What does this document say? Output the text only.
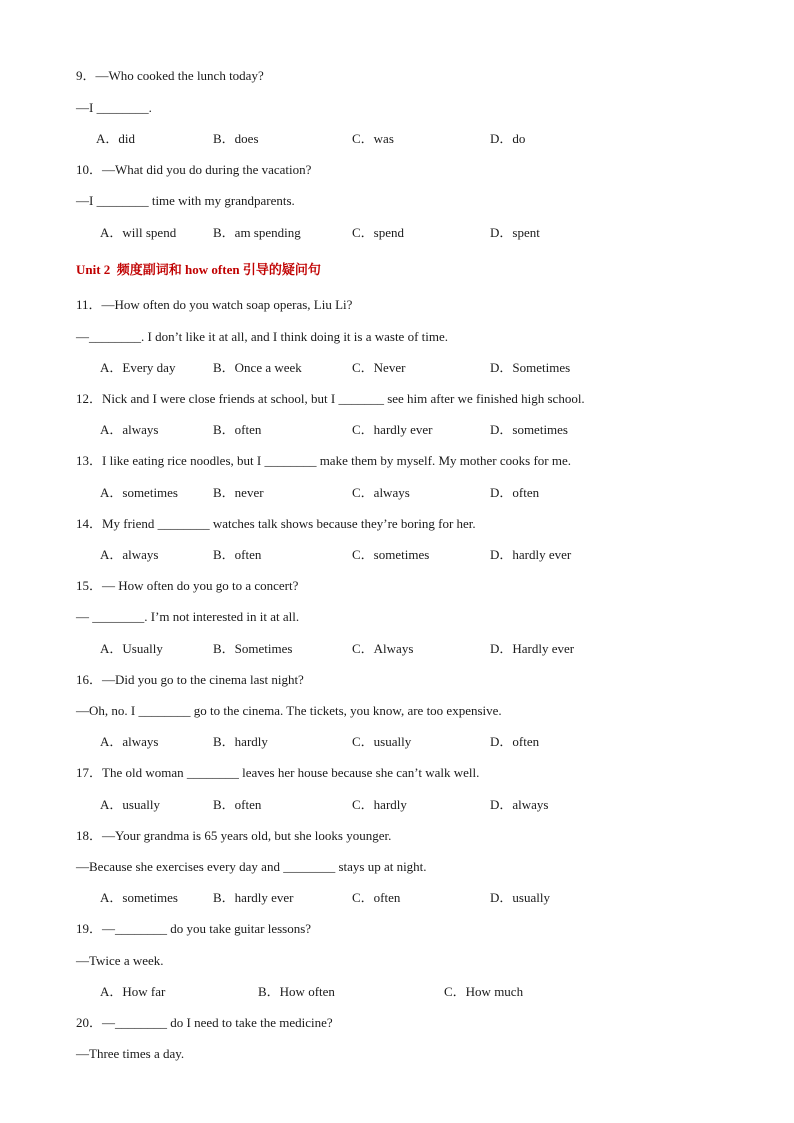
9．—Who cooked the lunch today?
—I ________.
A．did	B．does	C．was	D．do
10．—What did you do during the vacation?
—I ________ time with my grandparents.
A．will spend	B．am spending	C．spend	D．spent
Unit 2  频度副词和 how often 引导的疑问句
11．—How often do you watch soap operas, Liu Li?
—________. I don’t like it at all, and I think doing it is a waste of time.
A．Every day	B．Once a week	C．Never	D．Sometimes
12．Nick and I were close friends at school, but I _______ see him after we finished high school.
A．always	B．often	C．hardly ever	D．sometimes
13．I like eating rice noodles, but I ________ make them by myself. My mother cooks for me.
A．sometimes	B．never	C．always	D．often
14．My friend ________ watches talk shows because they’re boring for her.
A．always	B．often	C．sometimes	D．hardly ever
15．— How often do you go to a concert?
— ________. I’m not interested in it at all.
A．Usually	B．Sometimes	C．Always	D．Hardly ever
16．—Did you go to the cinema last night?
—Oh, no. I ________ go to the cinema. The tickets, you know, are too expensive.
A．always	B．hardly	C．usually	D．often
17．The old woman ________ leaves her house because she can’t walk well.
A．usually	B．often	C．hardly	D．always
18．—Your grandma is 65 years old, but she looks younger.
—Because she exercises every day and ________ stays up at night.
A．sometimes	B．hardly ever	C．often	D．usually
19．—________ do you take guitar lessons?
—Twice a week.
A．How far	B．How often	C．How much
20．—________ do I need to take the medicine?
—Three times a day.
